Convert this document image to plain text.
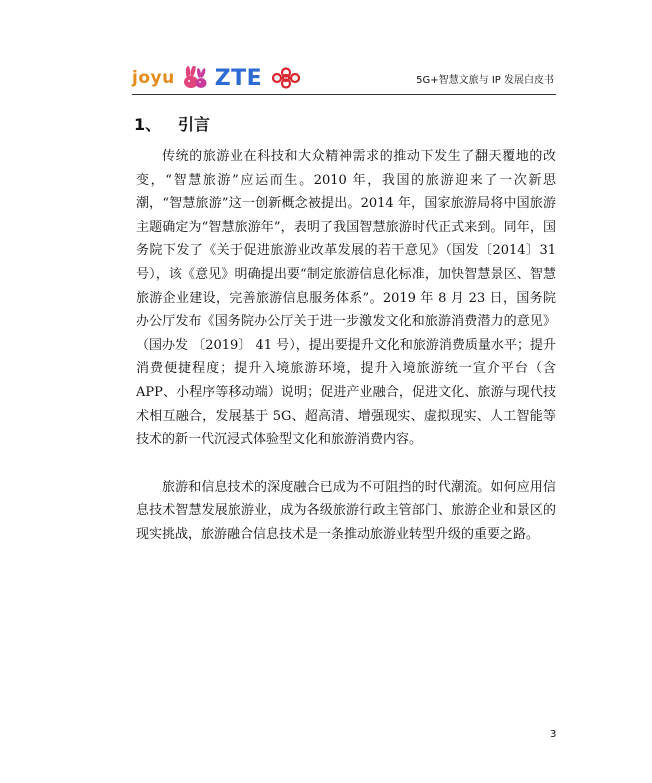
joyu ZTE	5G+智慧文旅与 IP 发展白皮书
1、 引言

传统的旅游业在科技和大众精神需求的推动下发生了翻天覆地的改变，“智慧旅游”应运而生。2010 年，我国的旅游迎来了一次新思潮，“智慧旅游”这一创新概念被提出。2014 年，国家旅游局将中国旅游主题确定为“智慧旅游年”，表明了我国智慧旅游时代正式来到。同年，国务院下发了《关于促进旅游业改革发展的若干意见》（国发〔2014〕31 号），该《意见》明确提出要“制定旅游信息化标准，加快智慧景区、智慧旅游企业建设，完善旅游信息服务体系”。2019 年 8 月 23 日，国务院办公厅发布《国务院办公厅关于进一步激发文化和旅游消费潜力的意见》（国办发 〔2019〕 41 号），提出要提升文化和旅游消费质量水平；提升消费便捷程度；提升入境旅游环境，提升入境旅游统一宣介平台（含 APP、小程序等移动端）说明；促进产业融合，促进文化、旅游与现代技术相互融合，发展基于 5G、超高清、增强现实、虚拟现实、人工智能等技术的新一代沉浸式体验型文化和旅游消费内容。

旅游和信息技术的深度融合已成为不可阻挡的时代潮流。如何应用信息技术智慧发展旅游业，成为各级旅游行政主管部门、旅游企业和景区的现实挑战，旅游融合信息技术是一条推动旅游业转型升级的重要之路。

3
